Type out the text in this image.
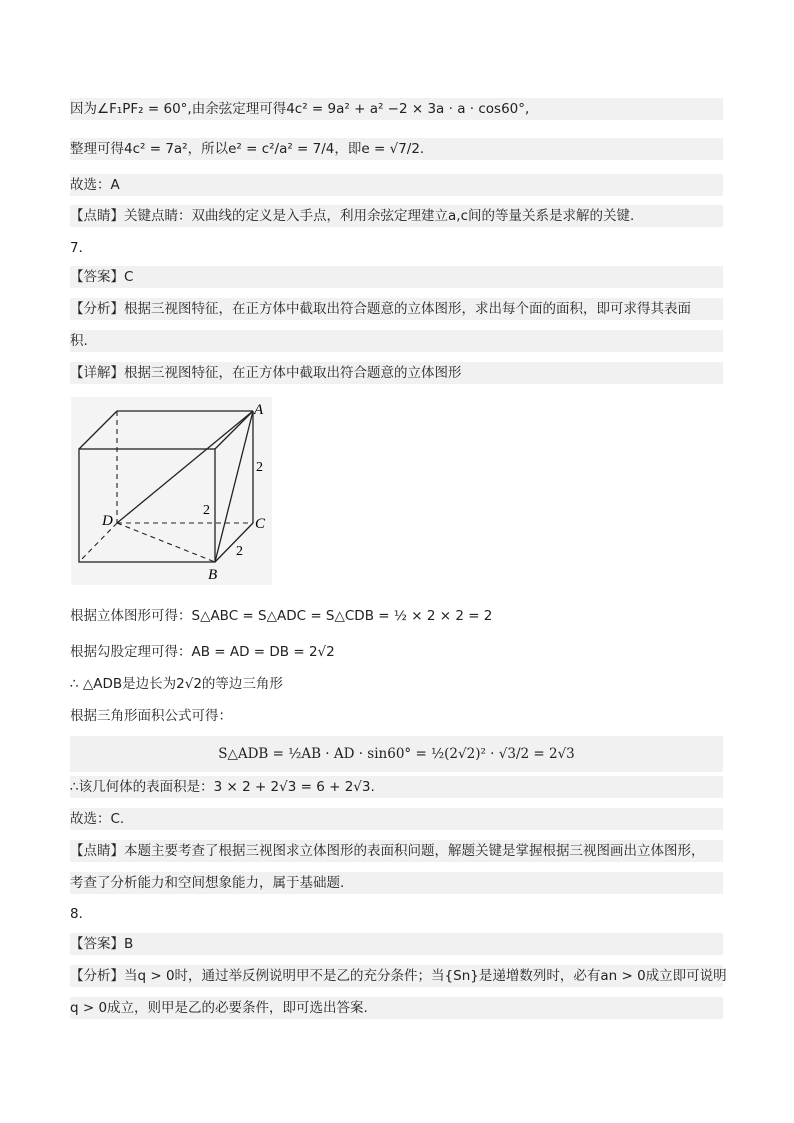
因为∠F₁PF₂ = 60°,由余弦定理可得4c² = 9a² + a² −2 × 3a · a · cos60°,
整理可得4c² = 7a²，所以e² = c²/a² = 7/4，即e = √7/2.
故选：A
【点睛】关键点睛：双曲线的定义是入手点，利用余弦定理建立a,c间的等量关系是求解的关键.
7．
【答案】C
【分析】根据三视图特征，在正方体中截取出符合题意的立体图形，求出每个面的面积，即可求得其表面
积.
【详解】根据三视图特征，在正方体中截取出符合题意的立体图形
A
B
C
D
2
2
2
根据立体图形可得：S△ABC = S△ADC = S△CDB = ½ × 2 × 2 = 2
根据勾股定理可得：AB = AD = DB = 2√2
∴ △ADB是边长为2√2的等边三角形
根据三角形面积公式可得：
S△ADB = ½AB · AD · sin60° = ½(2√2)² · √3/2 = 2√3
∴该几何体的表面积是：3 × 2 + 2√3 = 6 + 2√3.
故选：C.
【点睛】本题主要考查了根据三视图求立体图形的表面积问题，解题关键是掌握根据三视图画出立体图形，
考查了分析能力和空间想象能力，属于基础题.
8．
【答案】B
【分析】当q > 0时，通过举反例说明甲不是乙的充分条件；当{Sn}是递增数列时，必有an > 0成立即可说明
q > 0成立，则甲是乙的必要条件，即可选出答案.
